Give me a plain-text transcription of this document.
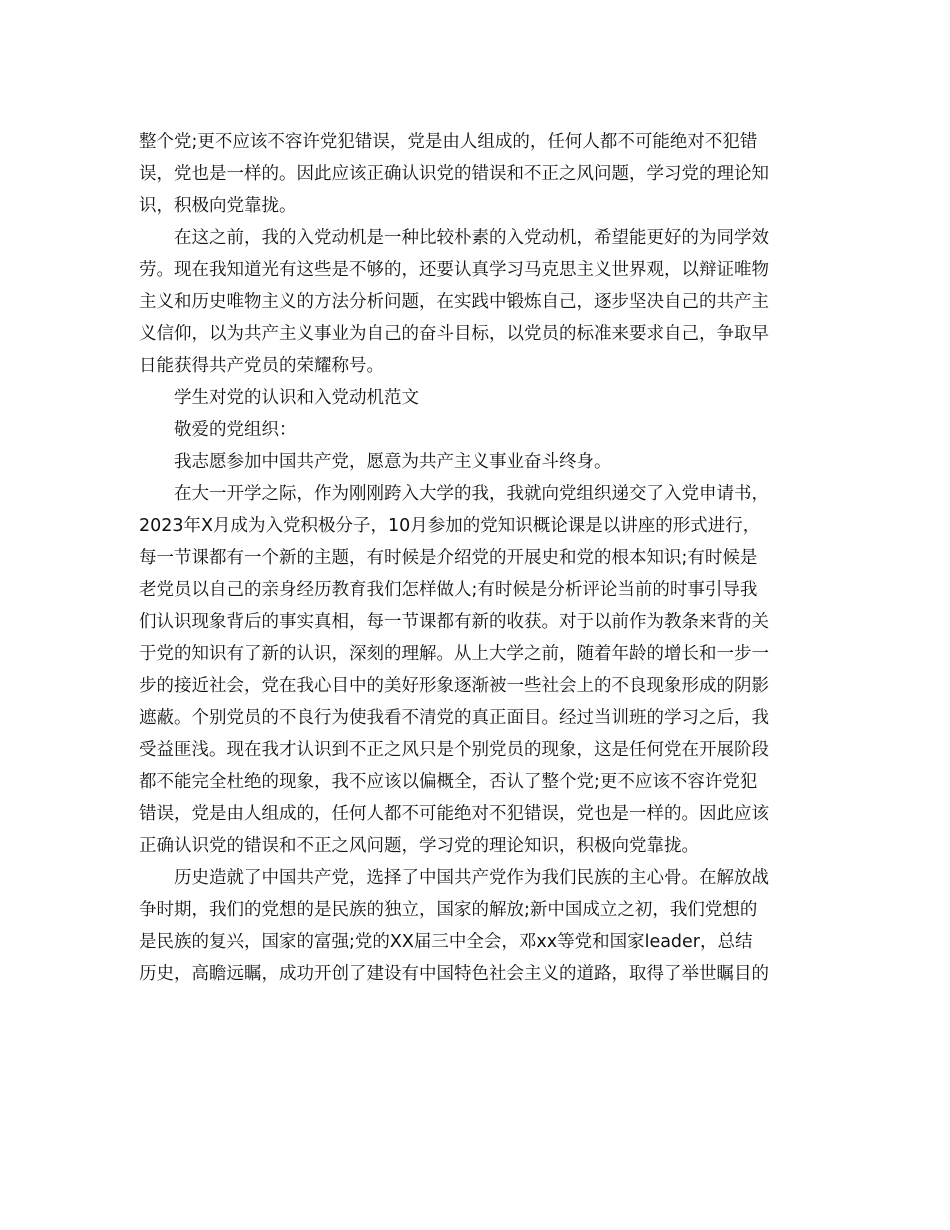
整个党;更不应该不容许党犯错误，党是由人组成的，任何人都不可能绝对不犯错
误，党也是一样的。因此应该正确认识党的错误和不正之风问题，学习党的理论知
识，积极向党靠拢。
在这之前，我的入党动机是一种比较朴素的入党动机，希望能更好的为同学效
劳。现在我知道光有这些是不够的，还要认真学习马克思主义世界观，以辩证唯物
主义和历史唯物主义的方法分析问题，在实践中锻炼自己，逐步坚决自己的共产主
义信仰，以为共产主义事业为自己的奋斗目标，以党员的标准来要求自己，争取早
日能获得共产党员的荣耀称号。
学生对党的认识和入党动机范文
敬爱的党组织：
我志愿参加中国共产党，愿意为共产主义事业奋斗终身。
在大一开学之际，作为刚刚跨入大学的我，我就向党组织递交了入党申请书，
2023年X月成为入党积极分子，10月参加的党知识概论课是以讲座的形式进行，
每一节课都有一个新的主题，有时候是介绍党的开展史和党的根本知识;有时候是
老党员以自己的亲身经历教育我们怎样做人;有时候是分析评论当前的时事引导我
们认识现象背后的事实真相，每一节课都有新的收获。对于以前作为教条来背的关
于党的知识有了新的认识，深刻的理解。从上大学之前，随着年龄的增长和一步一
步的接近社会，党在我心目中的美好形象逐渐被一些社会上的不良现象形成的阴影
遮蔽。个别党员的不良行为使我看不清党的真正面目。经过当训班的学习之后，我
受益匪浅。现在我才认识到不正之风只是个别党员的现象，这是任何党在开展阶段
都不能完全杜绝的现象，我不应该以偏概全，否认了整个党;更不应该不容许党犯
错误，党是由人组成的，任何人都不可能绝对不犯错误，党也是一样的。因此应该
正确认识党的错误和不正之风问题，学习党的理论知识，积极向党靠拢。
历史造就了中国共产党，选择了中国共产党作为我们民族的主心骨。在解放战
争时期，我们的党想的是民族的独立，国家的解放;新中国成立之初，我们党想的
是民族的复兴，国家的富强;党的XX届三中全会，邓xx等党和国家leader，总结
历史，高瞻远瞩，成功开创了建设有中国特色社会主义的道路，取得了举世瞩目的
